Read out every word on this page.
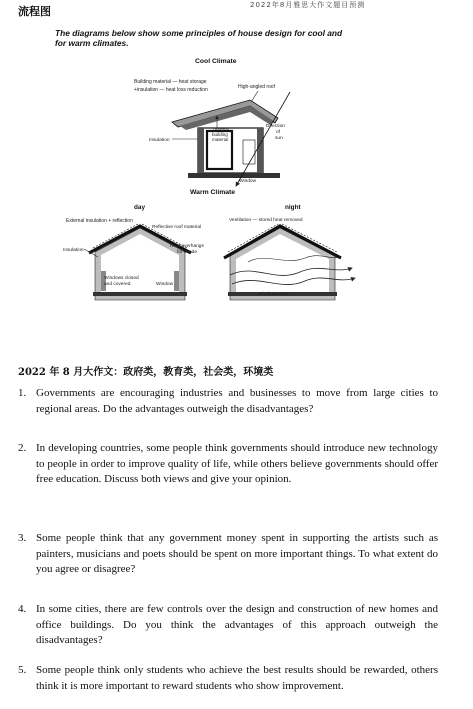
2022年8月雅思大作文题目预测
流程图
The diagrams below show some principles of house design for cool and for warm climates.
Cool Climate
Building material — heat storage
+insulation — heat loss reduction	High-angled roof
Thermal
building
material
Direction
of
sun
Insulation
Window
Warm Climate
day	night
External insulation + reflection
Reflective roof material
Ventilation — stored heat removed
Roof overhangs
for shade
Insulation
Windows closed
and covered	Window
Windows open
2022 年 8 月大作文：政府类，教育类，社会类，环境类
1. Governments are encouraging industries and businesses to move from large cities to regional areas. Do the advantages outweigh the disadvantages?
2. In developing countries, some people think governments should introduce new technology to people in order to improve quality of life, while others believe governments should offer free education. Discuss both views and give your opinion.
3. Some people think that any government money spent in supporting the artists such as painters, musicians and poets should be spent on more important things. To what extent do you agree or disagree?
4. In some cities, there are few controls over the design and construction of new homes and office buildings. Do you think the advantages of this approach outweigh the disadvantages?
5. Some people think only students who achieve the best results should be rewarded, others think it is more important to reward students who show improvement.
